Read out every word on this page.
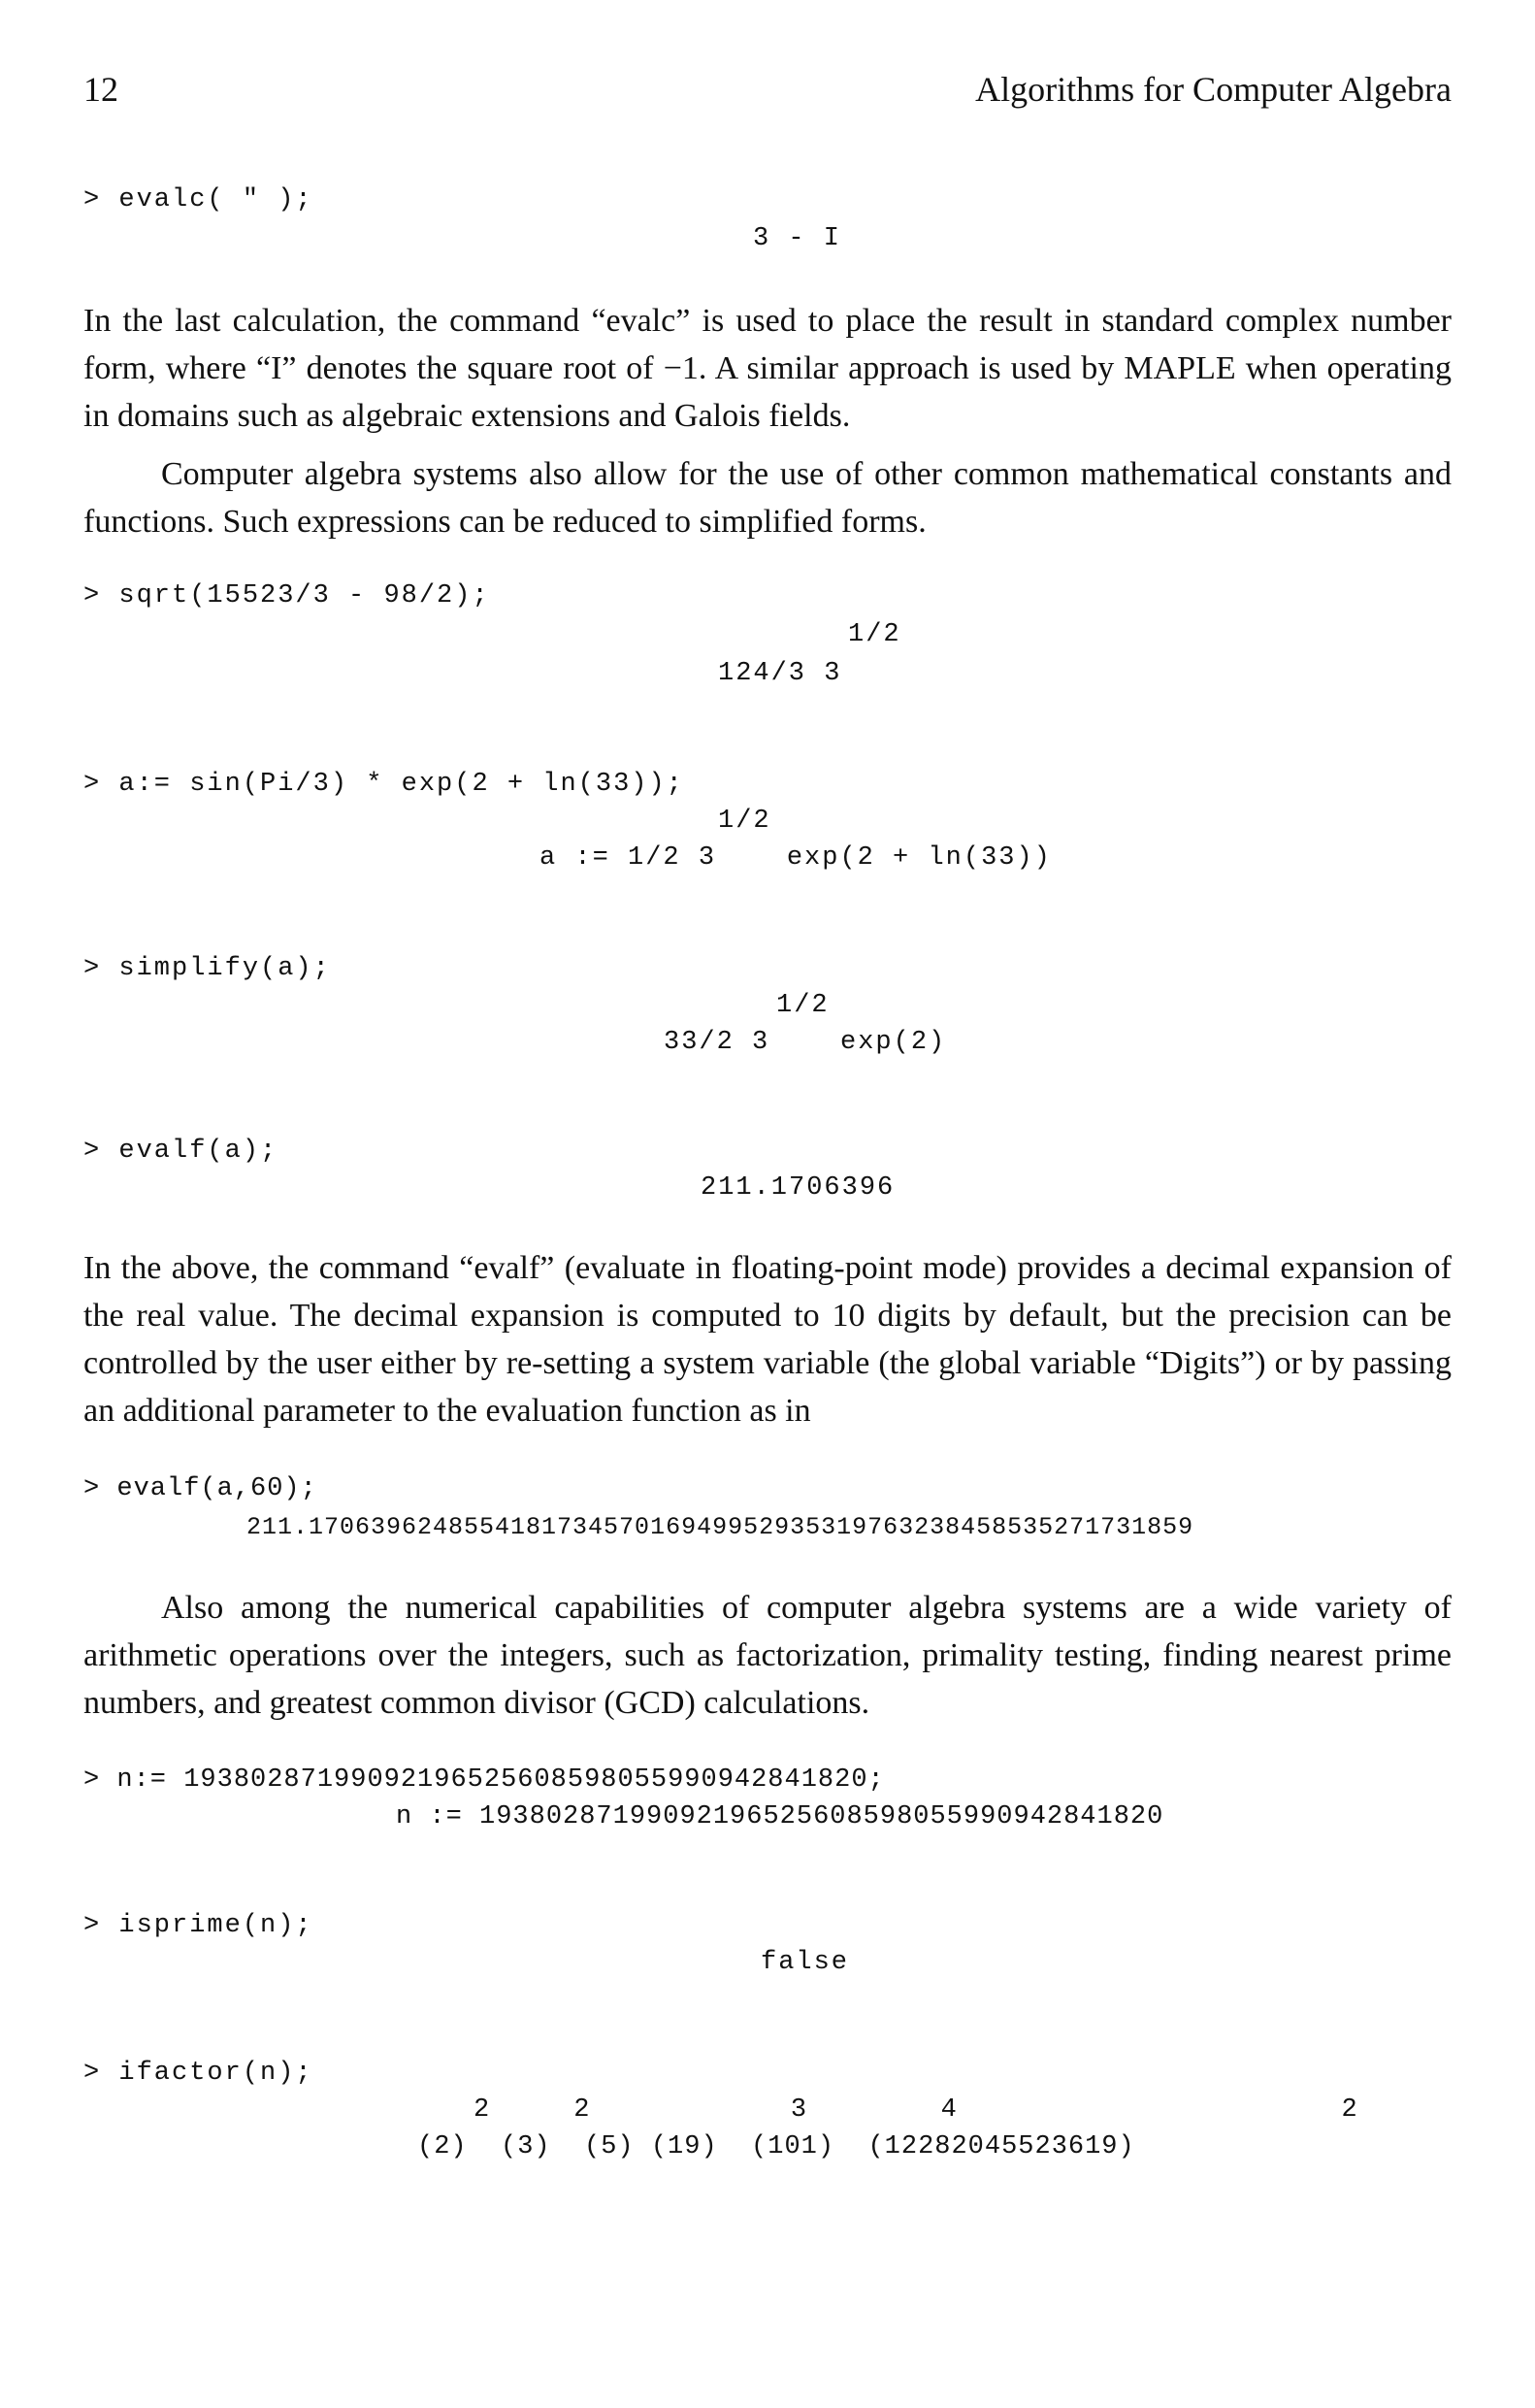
12	Algorithms for Computer Algebra
> evalc( " );
3 - I

In the last calculation, the command “evalc” is used to place the result in standard complex number form, where “I” denotes the square root of −1. A similar approach is used by MAPLE when operating in domains such as algebraic extensions and Galois fields.

Computer algebra systems also allow for the use of other common mathematical constants and functions. Such expressions can be reduced to simplified forms.

> sqrt(15523/3 - 98/2);
1/2
124/3 3
> a:= sin(Pi/3) * exp(2 + ln(33));
1/2
a := 1/2 3    exp(2 + ln(33))
> simplify(a);
1/2
33/2 3    exp(2)
> evalf(a);
211.1706396

In the above, the command “evalf” (evaluate in floating-point mode) provides a decimal expansion of the real value. The decimal expansion is computed to 10 digits by default, but the precision can be controlled by the user either by re-setting a system variable (the global variable “Digits”) or by passing an additional parameter to the evaluation function as in

> evalf(a,60);
211.170639624855418173457016949952935319763238458535271731859

Also among the numerical capabilities of computer algebra systems are a wide variety of arithmetic operations over the integers, such as factorization, primality testing, finding nearest prime numbers, and greatest common divisor (GCD) calculations.

> n:= 19380287199092196525608598055990942841820;
n := 19380287199092196525608598055990942841820
> isprime(n);
false
> ifactor(n);
2     2            3        4                       2
(2)  (3)  (5) (19)  (101)  (12282045523619)
